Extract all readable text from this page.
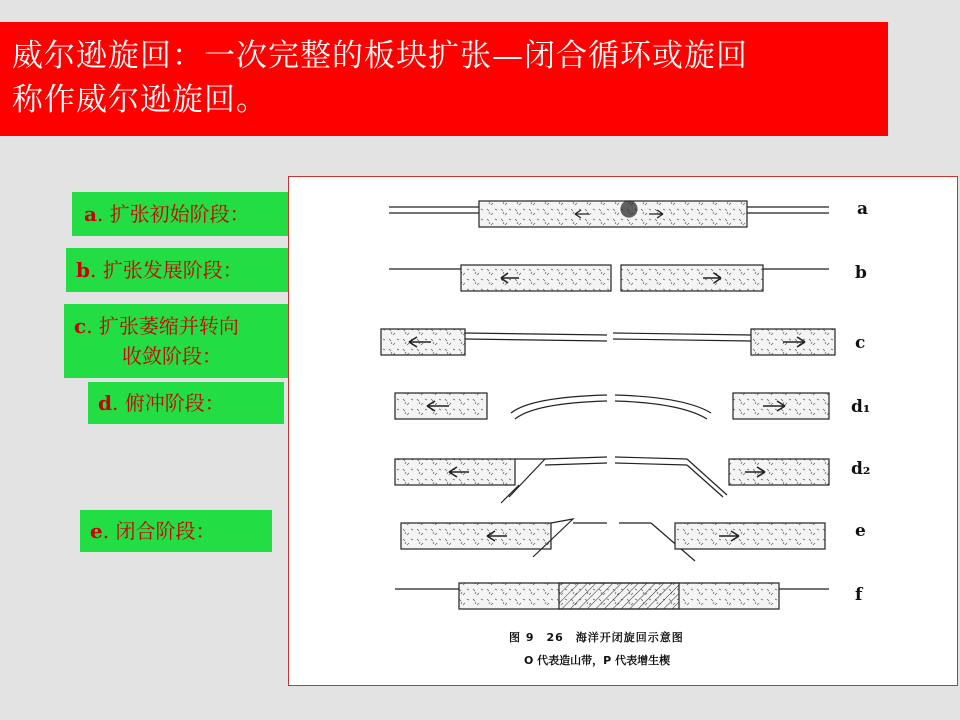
威尔逊旋回：一次完整的板块扩张—闭合循环或旋回
称作威尔逊旋回。
a. 扩张初始阶段：
b. 扩张发展阶段：
c. 扩张萎缩并转向
收敛阶段：
d. 俯冲阶段：
e. 闭合阶段：
a
b
c
d₁
d₂
e
f
图 9　26　海洋开闭旋回示意图
O 代表造山带，P 代表增生楔
